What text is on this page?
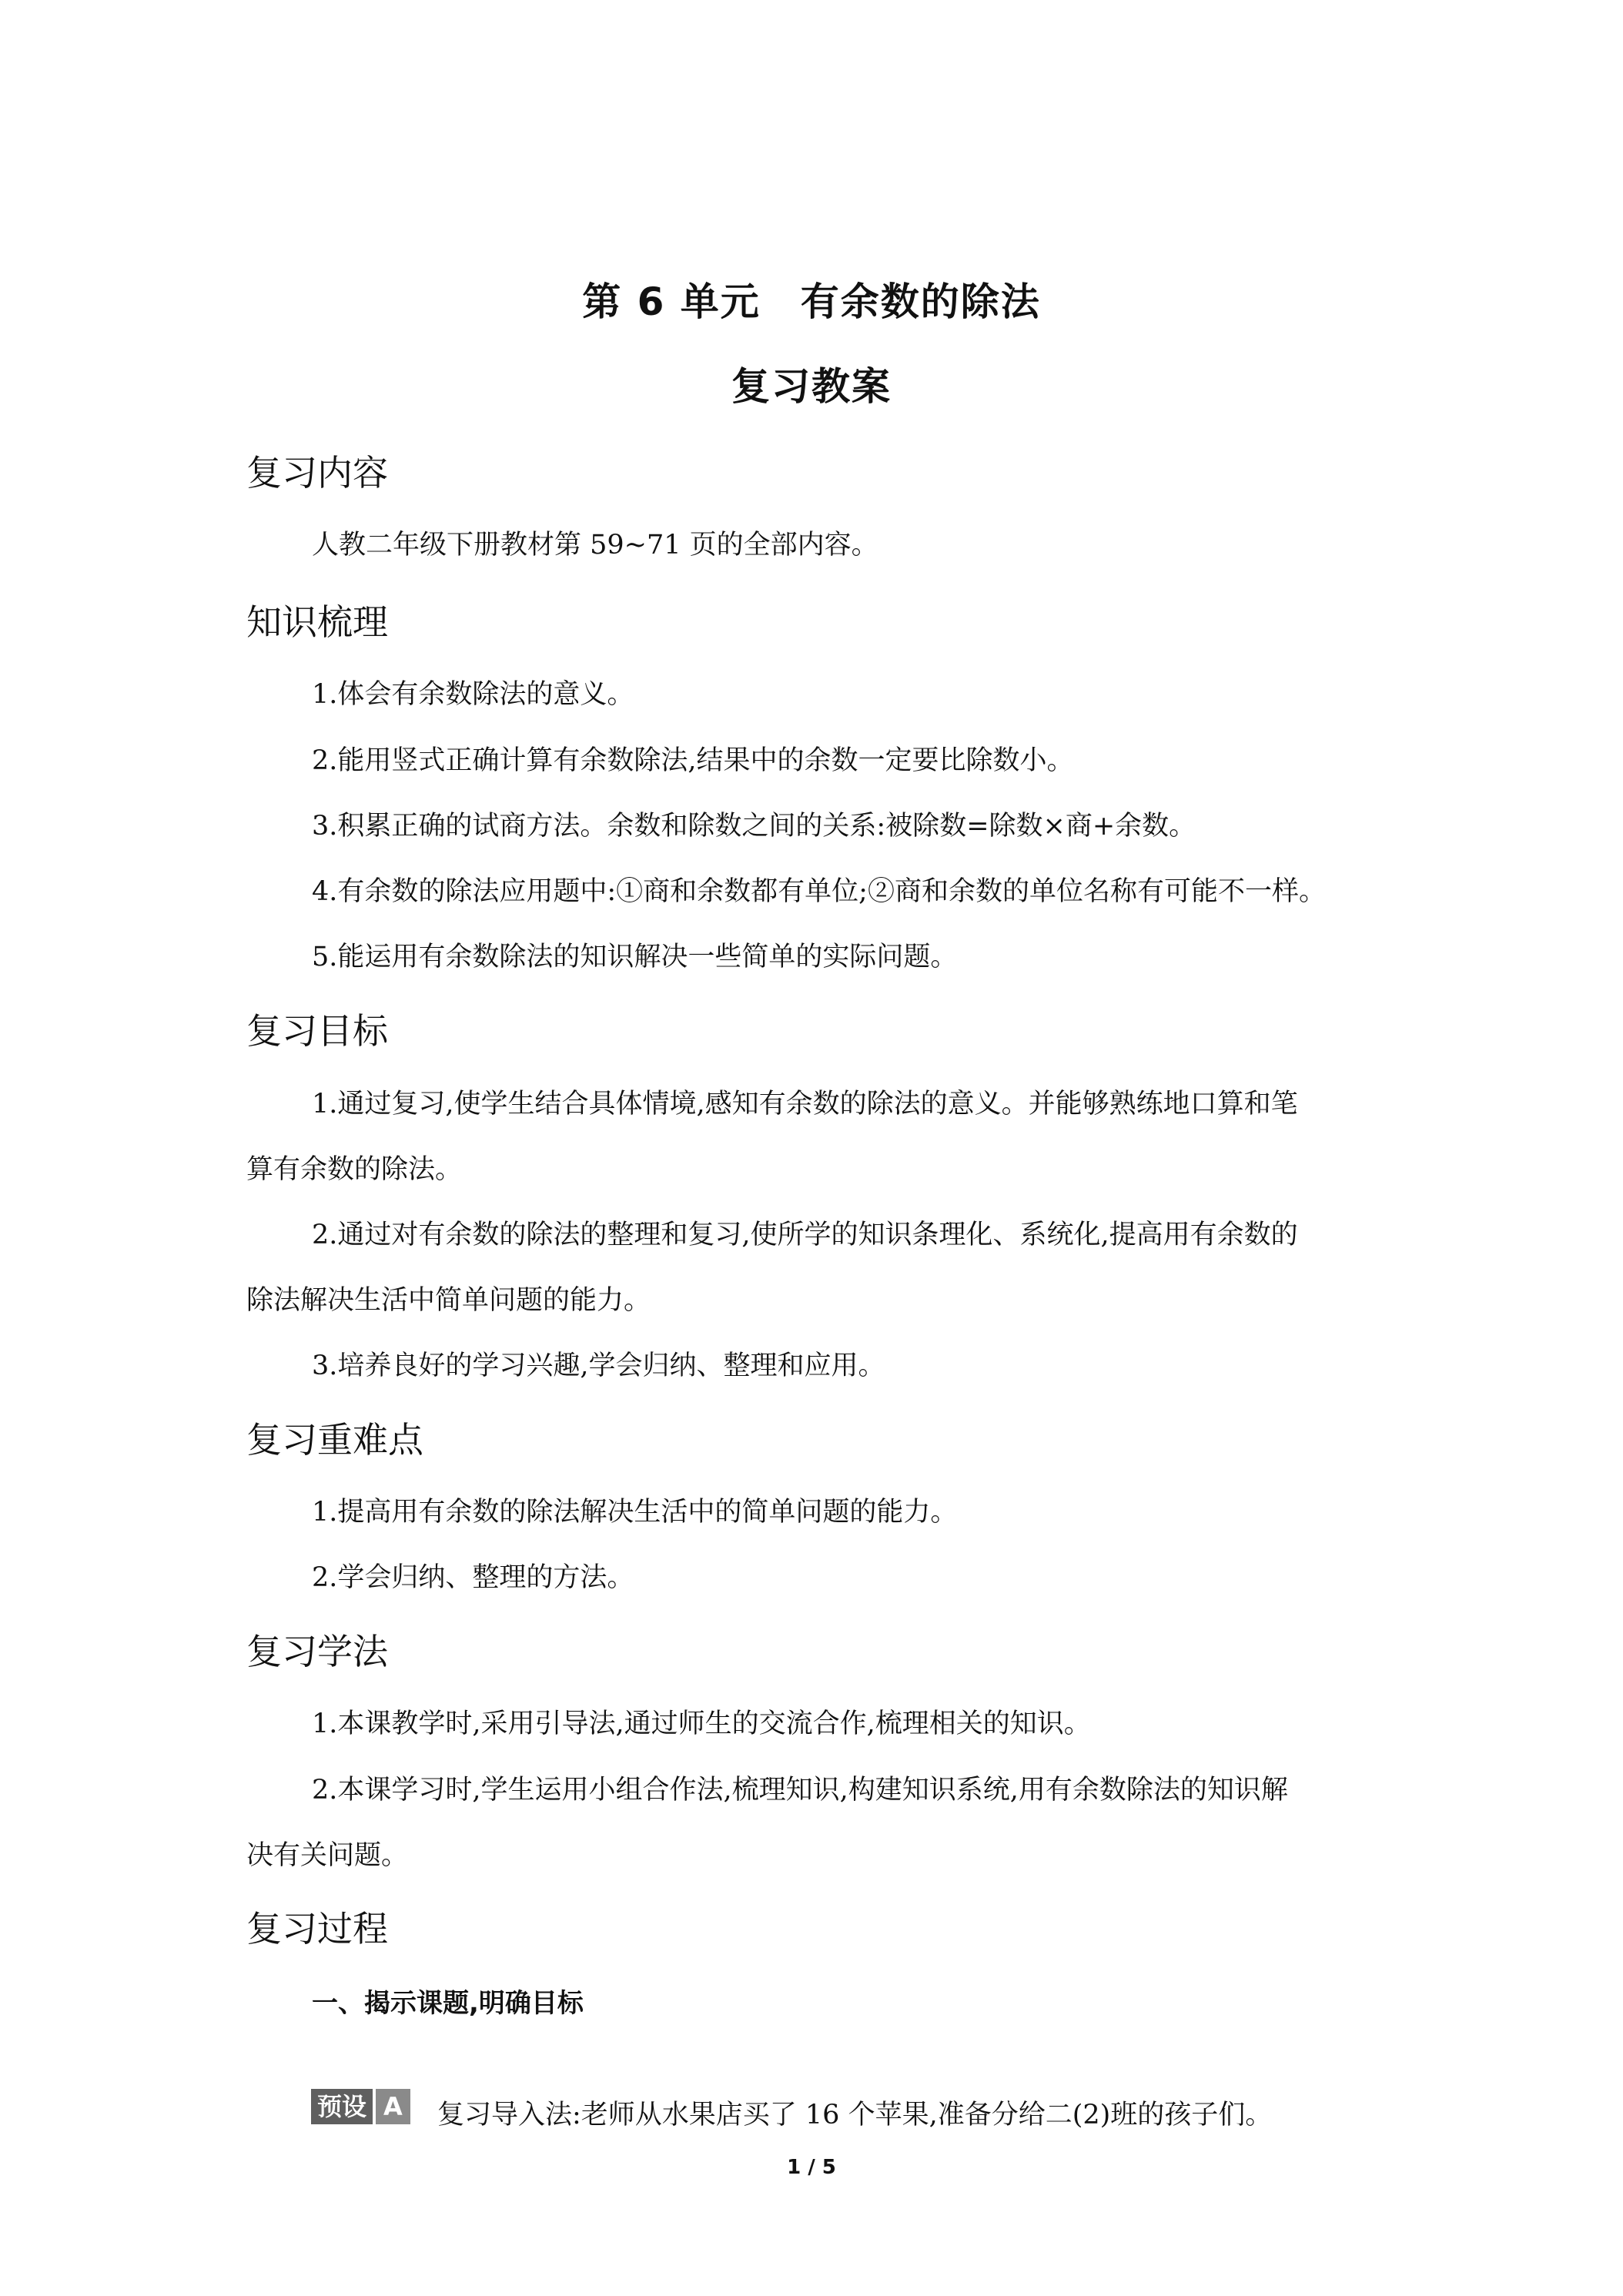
第 6 单元　有余数的除法
复习教案
复习内容
人教二年级下册教材第 59~71 页的全部内容。
知识梳理
1.体会有余数除法的意义。
2.能用竖式正确计算有余数除法,结果中的余数一定要比除数小。
3.积累正确的试商方法。余数和除数之间的关系:被除数=除数×商+余数。
4.有余数的除法应用题中:①商和余数都有单位;②商和余数的单位名称有可能不一样。
5.能运用有余数除法的知识解决一些简单的实际问题。
复习目标
1.通过复习,使学生结合具体情境,感知有余数的除法的意义。并能够熟练地口算和笔
算有余数的除法。
2.通过对有余数的除法的整理和复习,使所学的知识条理化、系统化,提高用有余数的
除法解决生活中简单问题的能力。
3.培养良好的学习兴趣,学会归纳、整理和应用。
复习重难点
1.提高用有余数的除法解决生活中的简单问题的能力。
2.学会归纳、整理的方法。
复习学法
1.本课教学时,采用引导法,通过师生的交流合作,梳理相关的知识。
2.本课学习时,学生运用小组合作法,梳理知识,构建知识系统,用有余数除法的知识解
决有关问题。
复习过程
一、揭示课题,明确目标
预设 A 复习导入法:老师从水果店买了 16 个苹果,准备分给二(2)班的孩子们。
1 / 5
